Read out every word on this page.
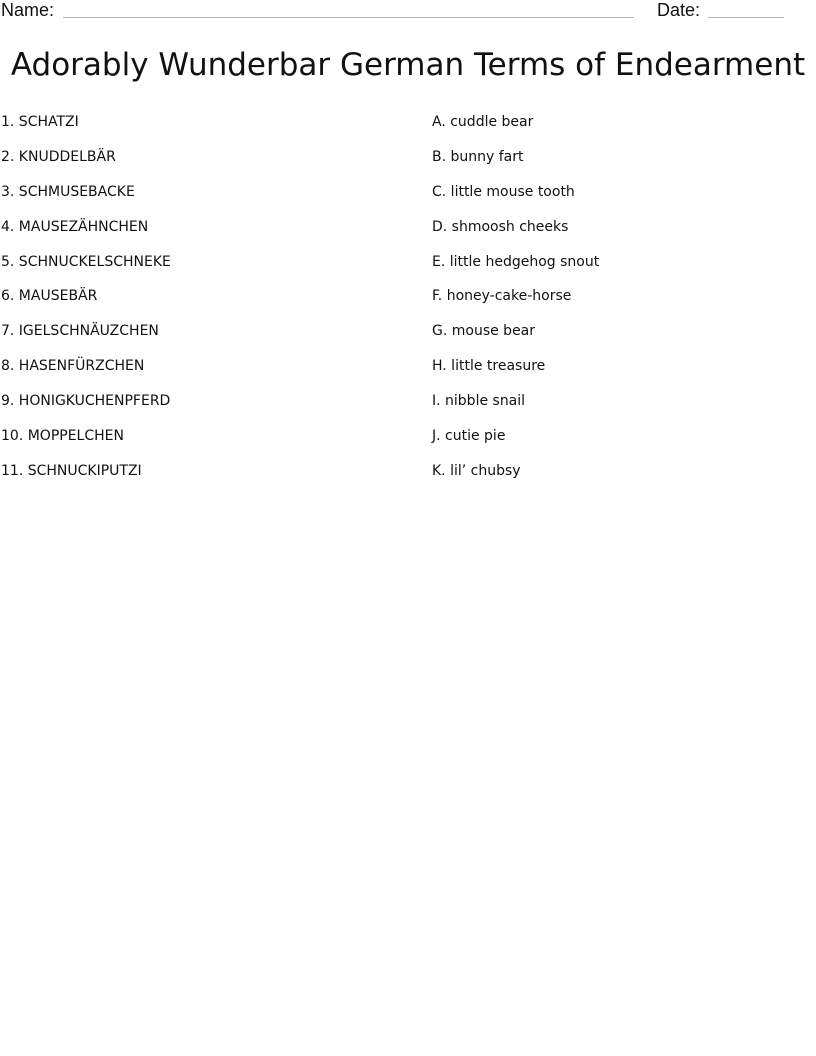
Name:	Date:
Adorably Wunderbar German Terms of Endearment
1. SCHATZI
2. KNUDDELBÄR
3. SCHMUSEBACKE
4. MAUSEZÄHNCHEN
5. SCHNUCKELSCHNEKE
6. MAUSEBÄR
7. IGELSCHNÄUZCHEN
8. HASENFÜRZCHEN
9. HONIGKUCHENPFERD
10. MOPPELCHEN
11. SCHNUCKIPUTZI
A. cuddle bear
B. bunny fart
C. little mouse tooth
D. shmoosh cheeks
E. little hedgehog snout
F. honey-cake-horse
G. mouse bear
H. little treasure
I. nibble snail
J. cutie pie
K. lil’ chubsy
